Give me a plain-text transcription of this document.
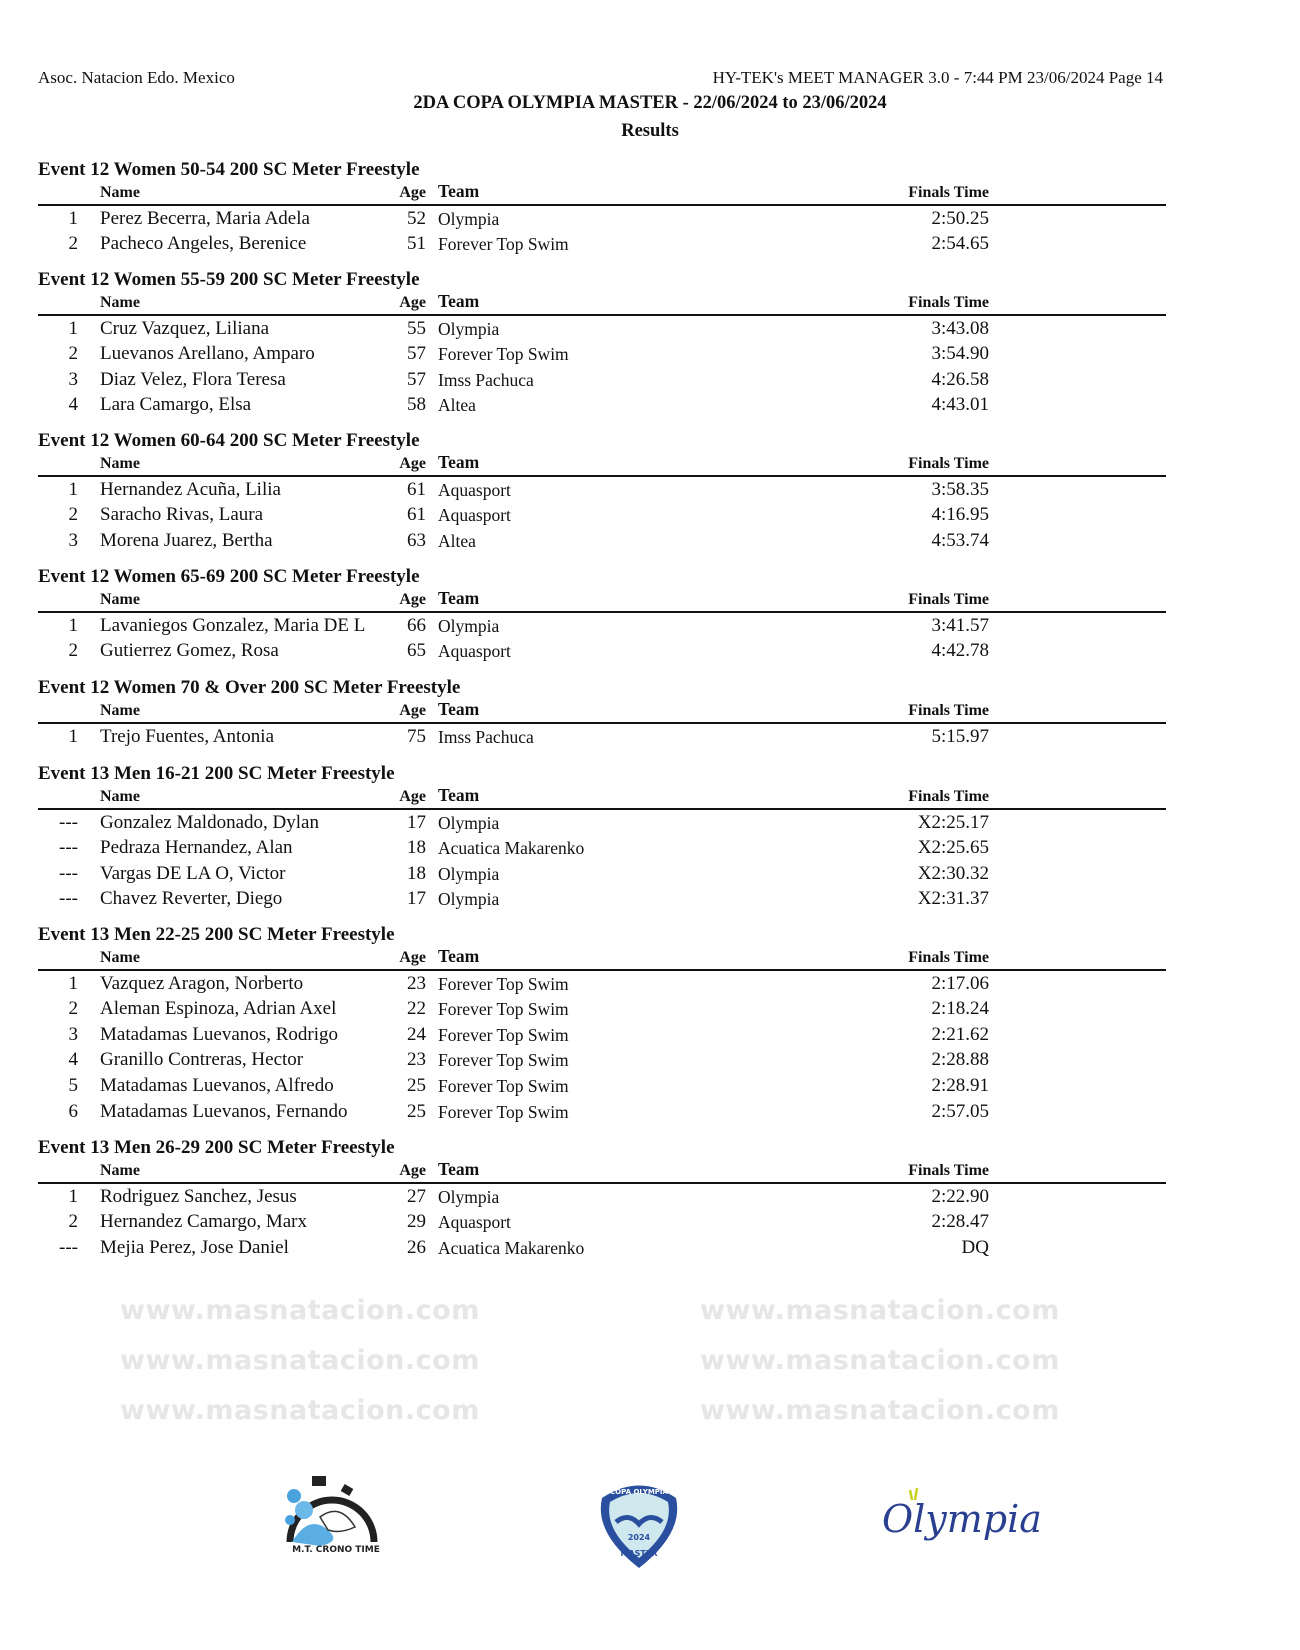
Asoc. Natacion Edo. Mexico	HY-TEK's MEET MANAGER 3.0 - 7:44 PM 23/06/2024 Page 14
2DA COPA OLYMPIA MASTER - 22/06/2024 to 23/06/2024
Results
www.masnatacion.com	www.masnatacion.com
www.masnatacion.com	www.masnatacion.com
www.masnatacion.com	www.masnatacion.com
Event 12 Women 50-54 200 SC Meter Freestyle
Name	Age Team	Finals Time
1 Perez Becerra, Maria Adela	52 Olympia	2:50.25
2 Pacheco Angeles, Berenice	51 Forever Top Swim	2:54.65
Event 12 Women 55-59 200 SC Meter Freestyle
Name	Age Team	Finals Time
1 Cruz Vazquez, Liliana	55 Olympia	3:43.08
2 Luevanos Arellano, Amparo	57 Forever Top Swim	3:54.90
3 Diaz Velez, Flora Teresa	57 Imss Pachuca	4:26.58
4 Lara Camargo, Elsa	58 Altea	4:43.01
Event 12 Women 60-64 200 SC Meter Freestyle
Name	Age Team	Finals Time
1 Hernandez Acuña, Lilia	61 Aquasport	3:58.35
2 Saracho Rivas, Laura	61 Aquasport	4:16.95
3 Morena Juarez, Bertha	63 Altea	4:53.74
Event 12 Women 65-69 200 SC Meter Freestyle
Name	Age Team	Finals Time
1 Lavaniegos Gonzalez, Maria DE L	66 Olympia	3:41.57
2 Gutierrez Gomez, Rosa	65 Aquasport	4:42.78
Event 12 Women 70 & Over 200 SC Meter Freestyle
Name	Age Team	Finals Time
1 Trejo Fuentes, Antonia	75 Imss Pachuca	5:15.97
Event 13 Men 16-21 200 SC Meter Freestyle
Name	Age Team	Finals Time
--- Gonzalez Maldonado, Dylan	17 Olympia	X2:25.17
--- Pedraza Hernandez, Alan	18 Acuatica Makarenko	X2:25.65
--- Vargas DE LA O, Victor	18 Olympia	X2:30.32
--- Chavez Reverter, Diego	17 Olympia	X2:31.37
Event 13 Men 22-25 200 SC Meter Freestyle
Name	Age Team	Finals Time
1 Vazquez Aragon, Norberto	23 Forever Top Swim	2:17.06
2 Aleman Espinoza, Adrian Axel	22 Forever Top Swim	2:18.24
3 Matadamas Luevanos, Rodrigo	24 Forever Top Swim	2:21.62
4 Granillo Contreras, Hector	23 Forever Top Swim	2:28.88
5 Matadamas Luevanos, Alfredo	25 Forever Top Swim	2:28.91
6 Matadamas Luevanos, Fernando	25 Forever Top Swim	2:57.05
Event 13 Men 26-29 200 SC Meter Freestyle
Name	Age Team	Finals Time
1 Rodriguez Sanchez, Jesus	27 Olympia	2:22.90
2 Hernandez Camargo, Marx	29 Aquasport	2:28.47
--- Mejia Perez, Jose Daniel	26 Acuatica Makarenko	DQ
M.T. CRONO TIME
COPA OLYMPIA
2024
MASTER
Olympia
